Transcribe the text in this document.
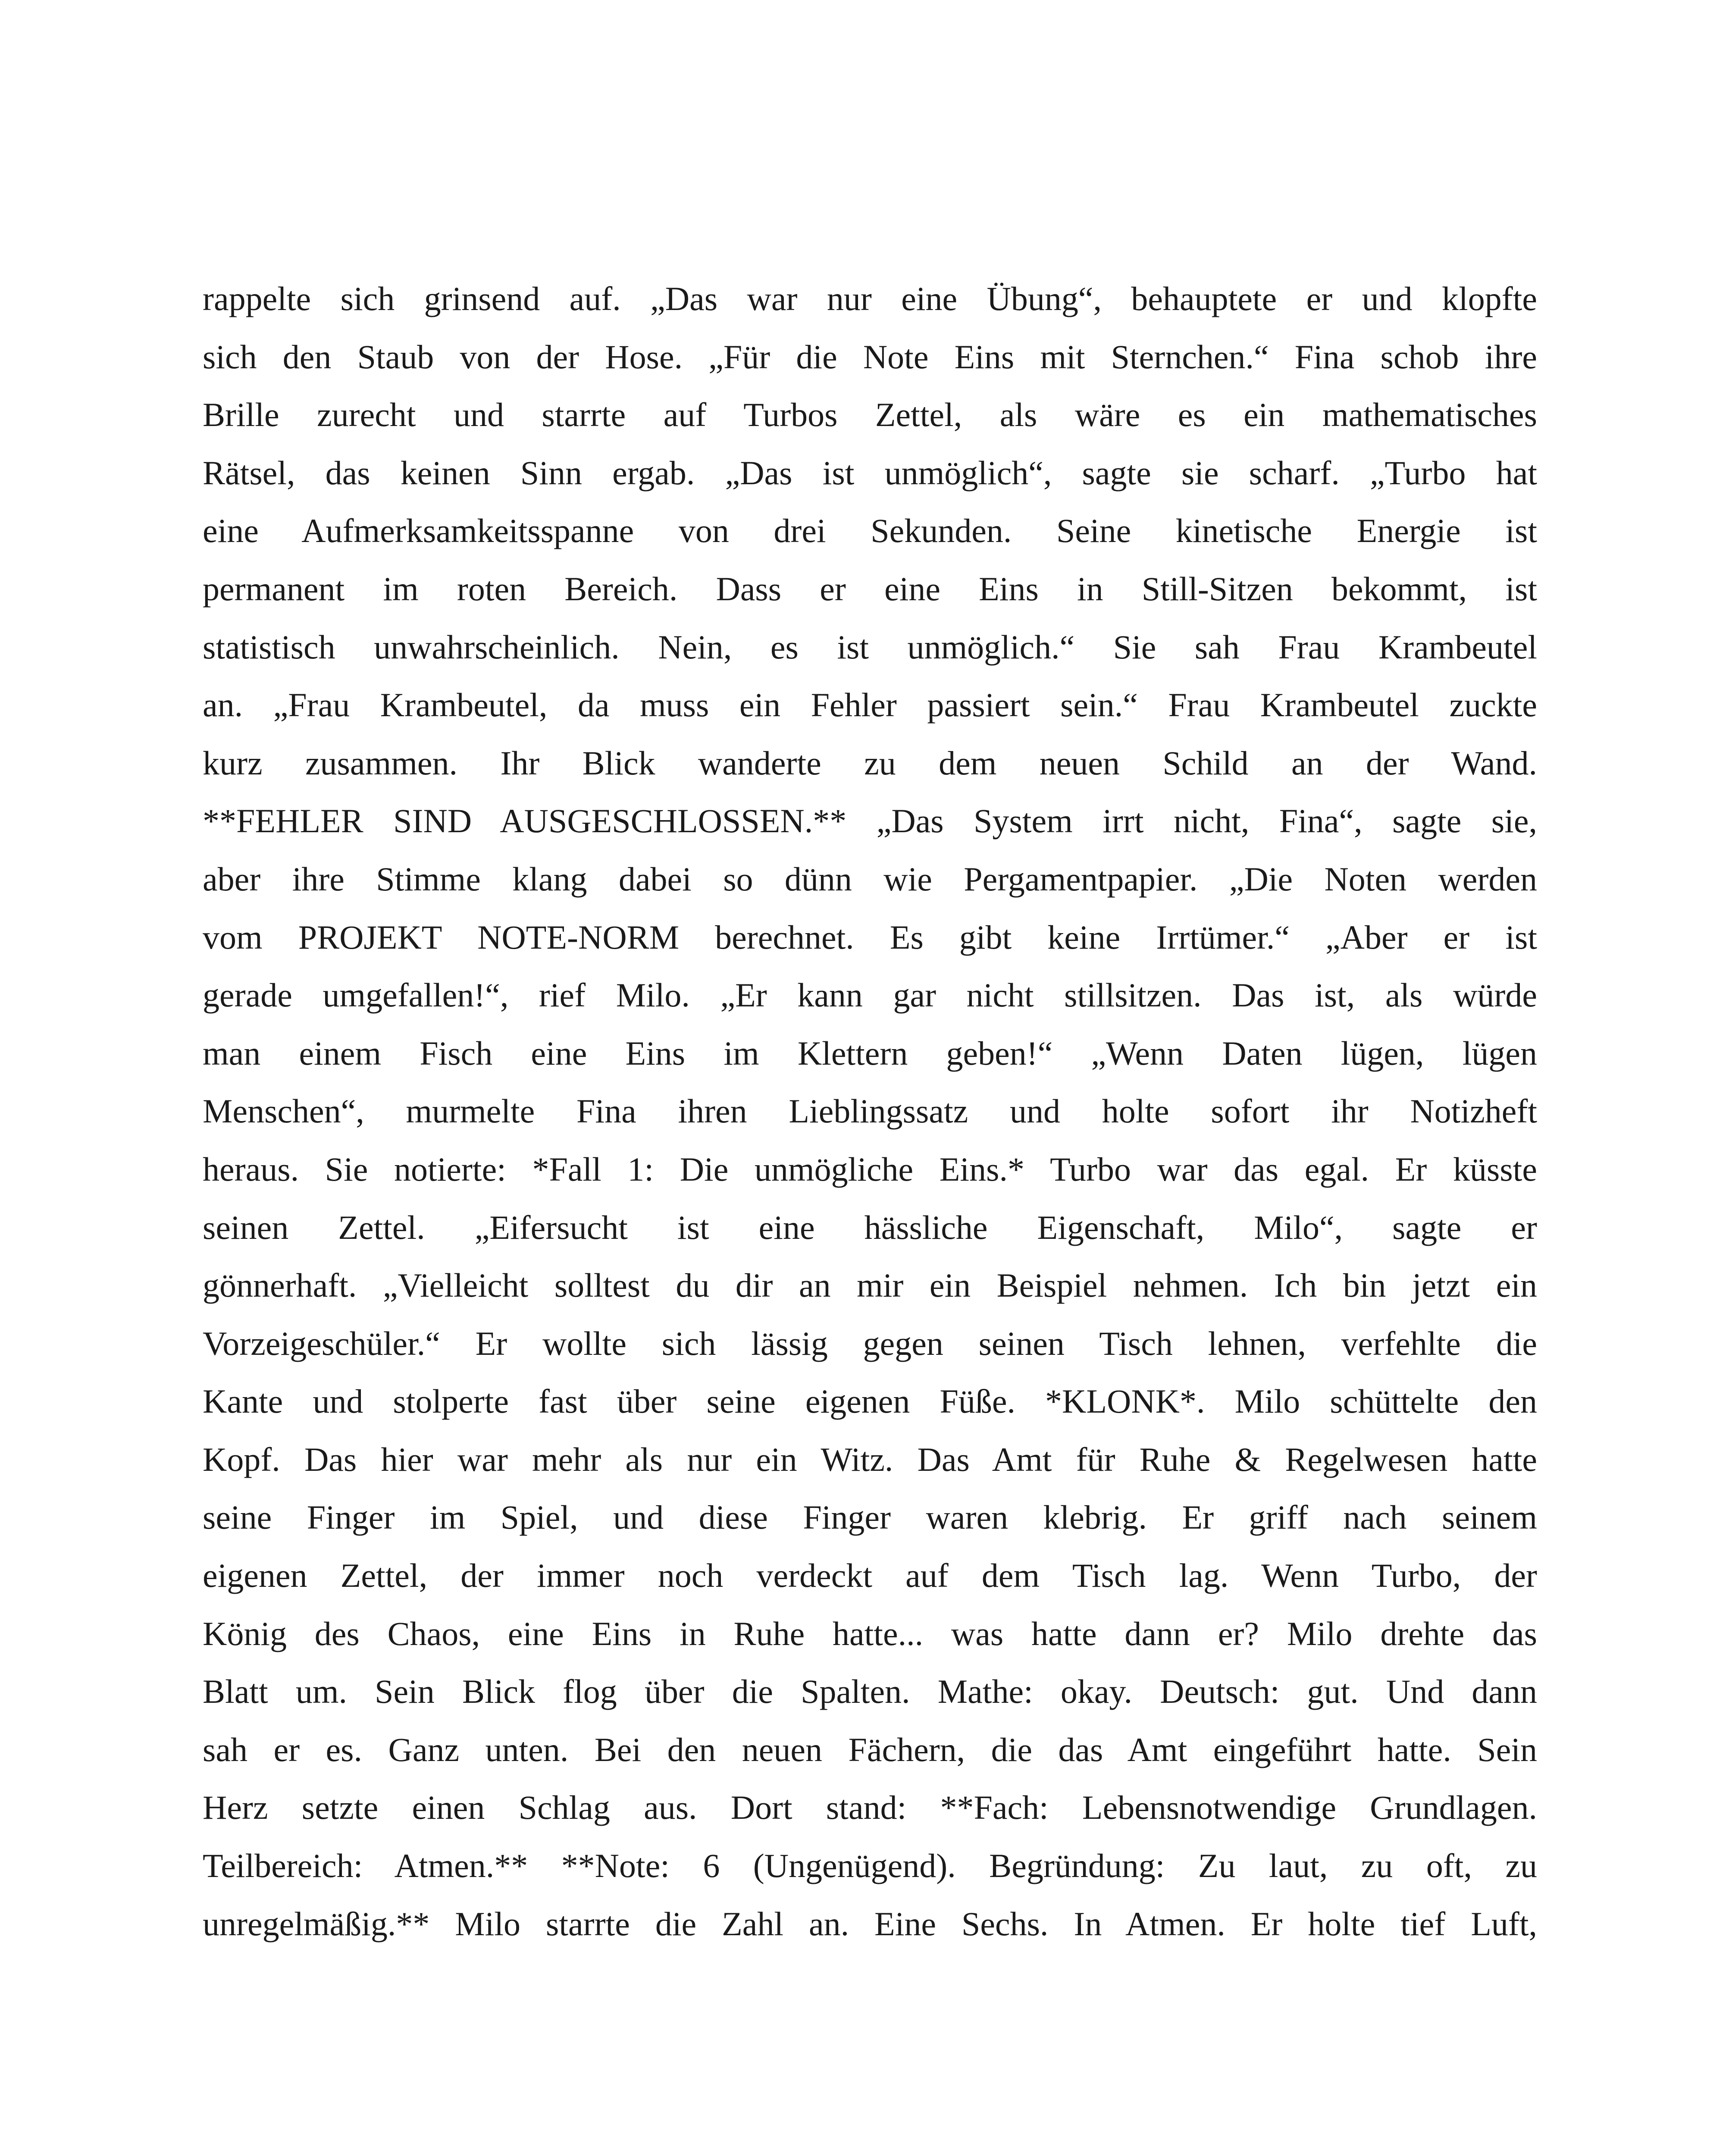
rappelte sich grinsend auf. „Das war nur eine Übung“, behauptete er und klopfte
sich den Staub von der Hose. „Für die Note Eins mit Sternchen.“ Fina schob ihre
Brille zurecht und starrte auf Turbos Zettel, als wäre es ein mathematisches
Rätsel, das keinen Sinn ergab. „Das ist unmöglich“, sagte sie scharf. „Turbo hat
eine Aufmerksamkeitsspanne von drei Sekunden. Seine kinetische Energie ist
permanent im roten Bereich. Dass er eine Eins in Still-Sitzen bekommt, ist
statistisch unwahrscheinlich. Nein, es ist unmöglich.“ Sie sah Frau Krambeutel
an. „Frau Krambeutel, da muss ein Fehler passiert sein.“ Frau Krambeutel zuckte
kurz zusammen. Ihr Blick wanderte zu dem neuen Schild an der Wand.
**FEHLER SIND AUSGESCHLOSSEN.** „Das System irrt nicht, Fina“, sagte sie,
aber ihre Stimme klang dabei so dünn wie Pergamentpapier. „Die Noten werden
vom PROJEKT NOTE-NORM berechnet. Es gibt keine Irrtümer.“ „Aber er ist
gerade umgefallen!“, rief Milo. „Er kann gar nicht stillsitzen. Das ist, als würde
man einem Fisch eine Eins im Klettern geben!“ „Wenn Daten lügen, lügen
Menschen“, murmelte Fina ihren Lieblingssatz und holte sofort ihr Notizheft
heraus. Sie notierte: *Fall 1: Die unmögliche Eins.* Turbo war das egal. Er küsste
seinen Zettel. „Eifersucht ist eine hässliche Eigenschaft, Milo“, sagte er
gönnerhaft. „Vielleicht solltest du dir an mir ein Beispiel nehmen. Ich bin jetzt ein
Vorzeigeschüler.“ Er wollte sich lässig gegen seinen Tisch lehnen, verfehlte die
Kante und stolperte fast über seine eigenen Füße. *KLONK*. Milo schüttelte den
Kopf. Das hier war mehr als nur ein Witz. Das Amt für Ruhe & Regelwesen hatte
seine Finger im Spiel, und diese Finger waren klebrig. Er griff nach seinem
eigenen Zettel, der immer noch verdeckt auf dem Tisch lag. Wenn Turbo, der
König des Chaos, eine Eins in Ruhe hatte... was hatte dann er? Milo drehte das
Blatt um. Sein Blick flog über die Spalten. Mathe: okay. Deutsch: gut. Und dann
sah er es. Ganz unten. Bei den neuen Fächern, die das Amt eingeführt hatte. Sein
Herz setzte einen Schlag aus. Dort stand: **Fach: Lebensnotwendige Grundlagen.
Teilbereich: Atmen.** **Note: 6 (Ungenügend). Begründung: Zu laut, zu oft, zu
unregelmäßig.** Milo starrte die Zahl an. Eine Sechs. In Atmen. Er holte tief Luft,
